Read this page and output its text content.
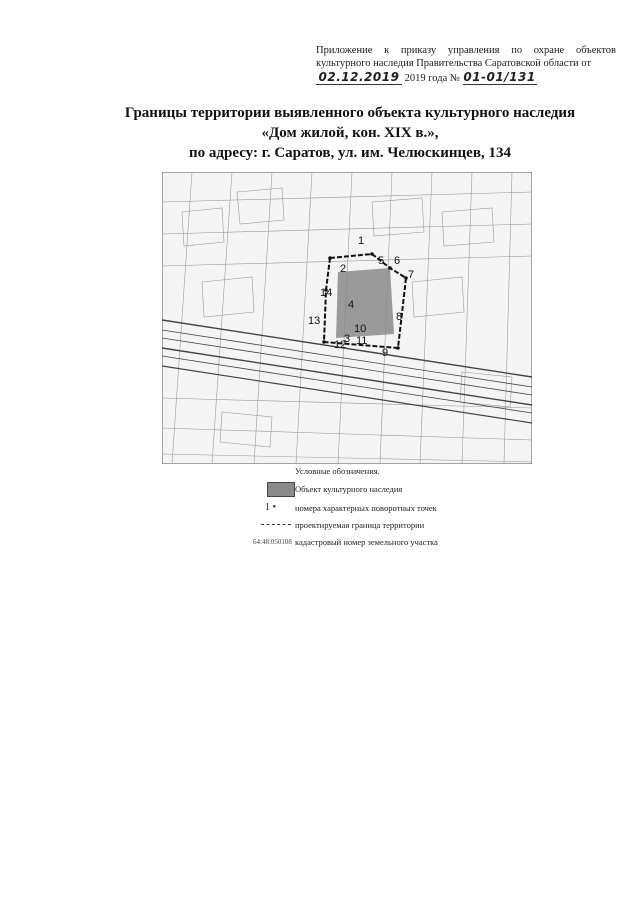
Приложение к приказу управления по охране объектов культурного наследия Правительства Саратовской области от
02.12.2019 2019 года № 01-01/131
Границы территории выявленного объекта культурного наследия
«Дом жилой, кон. XIX в.»,
по адресу: г. Саратов, ул. им. Челюскинцев, 134
1
2
3
4
5 6
7
8
9
10
11
12
13
14
Условные обозначения.
Объект культурного наследия
1 • номера характерных поворотных точек
проектируемая граница территории
64:48:050108 кадастровый номер земельного участка
